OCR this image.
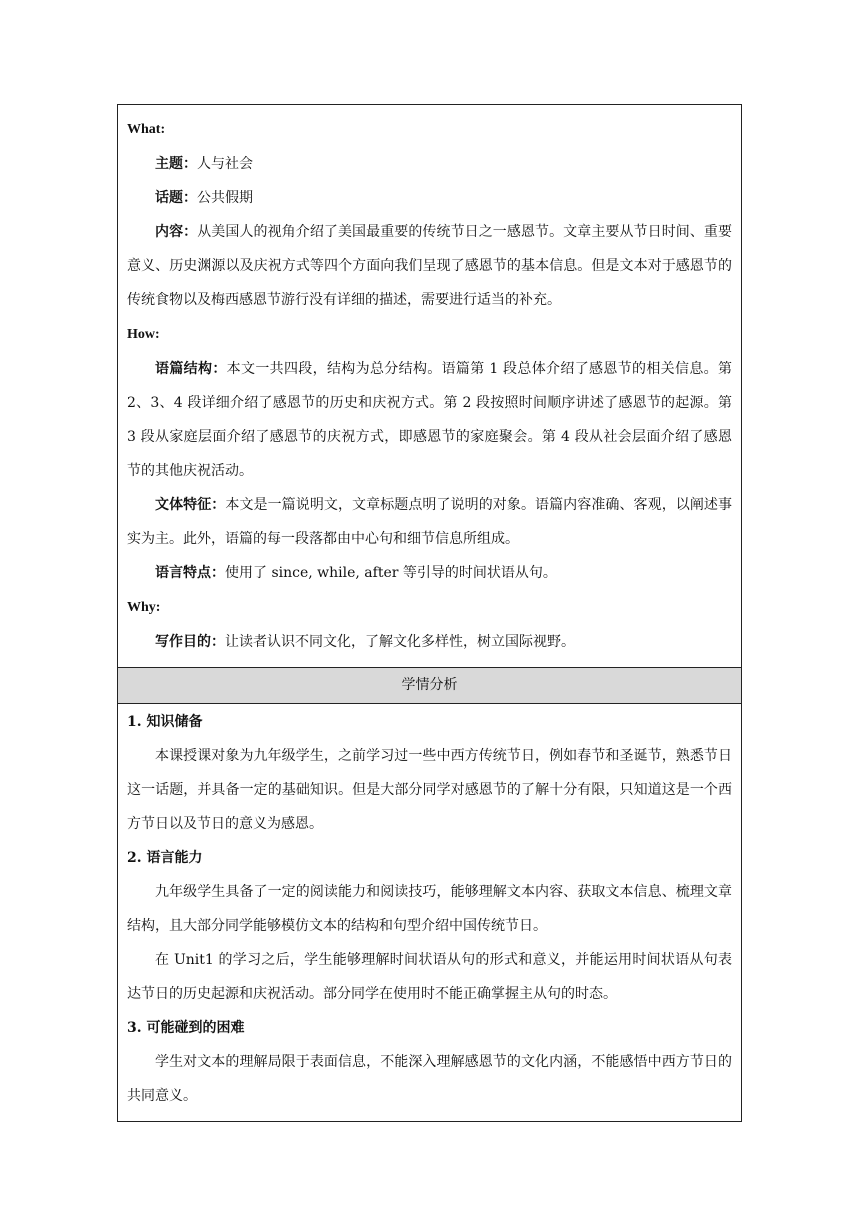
What:

主题：人与社会

话题：公共假期

内容：从美国人的视角介绍了美国最重要的传统节日之一感恩节。文章主要从节日时间、重要意义、历史渊源以及庆祝方式等四个方面向我们呈现了感恩节的基本信息。但是文本对于感恩节的传统食物以及梅西感恩节游行没有详细的描述，需要进行适当的补充。

How:

语篇结构：本文一共四段，结构为总分结构。语篇第 1 段总体介绍了感恩节的相关信息。第 2、3、4 段详细介绍了感恩节的历史和庆祝方式。第 2 段按照时间顺序讲述了感恩节的起源。第 3 段从家庭层面介绍了感恩节的庆祝方式，即感恩节的家庭聚会。第 4 段从社会层面介绍了感恩节的其他庆祝活动。

文体特征：本文是一篇说明文，文章标题点明了说明的对象。语篇内容准确、客观，以阐述事实为主。此外，语篇的每一段落都由中心句和细节信息所组成。

语言特点：使用了 since, while, after 等引导的时间状语从句。

Why:

写作目的：让读者认识不同文化，了解文化多样性，树立国际视野。

学情分析

1. 知识储备

本课授课对象为九年级学生，之前学习过一些中西方传统节日，例如春节和圣诞节，熟悉节日这一话题，并具备一定的基础知识。但是大部分同学对感恩节的了解十分有限，只知道这是一个西方节日以及节日的意义为感恩。

2. 语言能力

九年级学生具备了一定的阅读能力和阅读技巧，能够理解文本内容、获取文本信息、梳理文章结构，且大部分同学能够模仿文本的结构和句型介绍中国传统节日。

在 Unit1 的学习之后，学生能够理解时间状语从句的形式和意义，并能运用时间状语从句表达节日的历史起源和庆祝活动。部分同学在使用时不能正确掌握主从句的时态。

3. 可能碰到的困难

学生对文本的理解局限于表面信息，不能深入理解感恩节的文化内涵，不能感悟中西方节日的共同意义。
